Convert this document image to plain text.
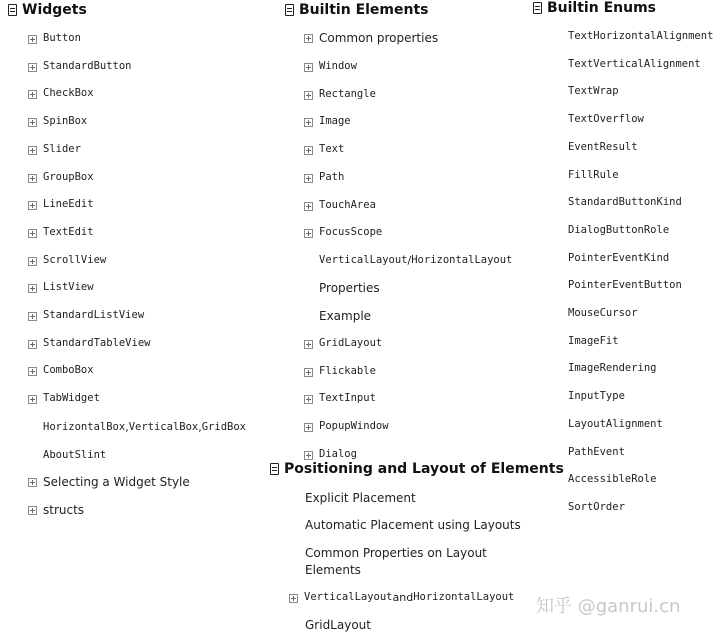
Widgets
Button
StandardButton
CheckBox
SpinBox
Slider
GroupBox
LineEdit
TextEdit
ScrollView
ListView
StandardListView
StandardTableView
ComboBox
TabWidget
HorizontalBox , VerticalBox , GridBox
AboutSlint
Selecting a Widget Style
structs
Builtin Elements
Common properties
Window
Rectangle
Image
Text
Path
TouchArea
FocusScope
VerticalLayout / HorizontalLayout
Properties
Example
GridLayout
Flickable
TextInput
PopupWindow
Dialog
Positioning and Layout of Elements
Explicit Placement
Automatic Placement using Layouts
Common Properties on Layout Elements
VerticalLayout and HorizontalLayout
GridLayout
Builtin Enums
TextHorizontalAlignment
TextVerticalAlignment
TextWrap
TextOverflow
EventResult
FillRule
StandardButtonKind
DialogButtonRole
PointerEventKind
PointerEventButton
MouseCursor
ImageFit
ImageRendering
InputType
LayoutAlignment
PathEvent
AccessibleRole
SortOrder
知乎 @ganrui.cn
